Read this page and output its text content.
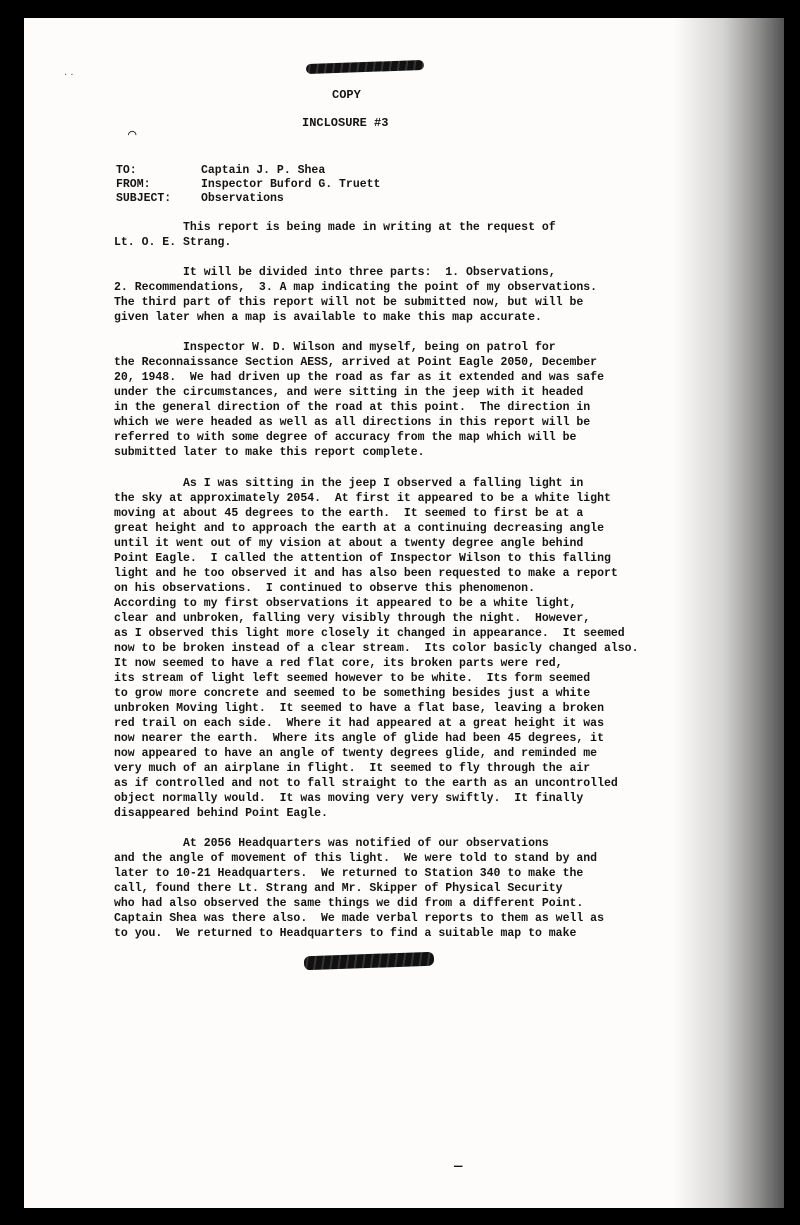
· ·

COPY

INCLOSURE #3

⌒

TO:	Captain J. P. Shea

FROM:	Inspector Buford G. Truett

SUBJECT:	Observations

This report is being made in writing at the request of

Lt. O. E. Strang.

It will be divided into three parts:  1. Observations,

2. Recommendations,  3. A map indicating the point of my observations.

The third part of this report will not be submitted now, but will be

given later when a map is available to make this map accurate.

Inspector W. D. Wilson and myself, being on patrol for

the Reconnaissance Section AESS, arrived at Point Eagle 2050, December

20, 1948.  We had driven up the road as far as it extended and was safe

under the circumstances, and were sitting in the jeep with it headed

in the general direction of the road at this point.  The direction in

which we were headed as well as all directions in this report will be

referred to with some degree of accuracy from the map which will be

submitted later to make this report complete.

As I was sitting in the jeep I observed a falling light in

the sky at approximately 2054.  At first it appeared to be a white light

moving at about 45 degrees to the earth.  It seemed to first be at a

great height and to approach the earth at a continuing decreasing angle

until it went out of my vision at about a twenty degree angle behind

Point Eagle.  I called the attention of Inspector Wilson to this falling

light and he too observed it and has also been requested to make a report

on his observations.  I continued to observe this phenomenon.

According to my first observations it appeared to be a white light,

clear and unbroken, falling very visibly through the night.  However,

as I observed this light more closely it changed in appearance.  It seemed

now to be broken instead of a clear stream.  Its color basicly changed also.

It now seemed to have a red flat core, its broken parts were red,

its stream of light left seemed however to be white.  Its form seemed

to grow more concrete and seemed to be something besides just a white

unbroken Moving light.  It seemed to have a flat base, leaving a broken

red trail on each side.  Where it had appeared at a great height it was

now nearer the earth.  Where its angle of glide had been 45 degrees, it

now appeared to have an angle of twenty degrees glide, and reminded me

very much of an airplane in flight.  It seemed to fly through the air

as if controlled and not to fall straight to the earth as an uncontrolled

object normally would.  It was moving very very swiftly.  It finally

disappeared behind Point Eagle.

At 2056 Headquarters was notified of our observations

and the angle of movement of this light.  We were told to stand by and

later to 10-21 Headquarters.  We returned to Station 340 to make the

call, found there Lt. Strang and Mr. Skipper of Physical Security

who had also observed the same things we did from a different Point.

Captain Shea was there also.  We made verbal reports to them as well as

to you.  We returned to Headquarters to find a suitable map to make

—
